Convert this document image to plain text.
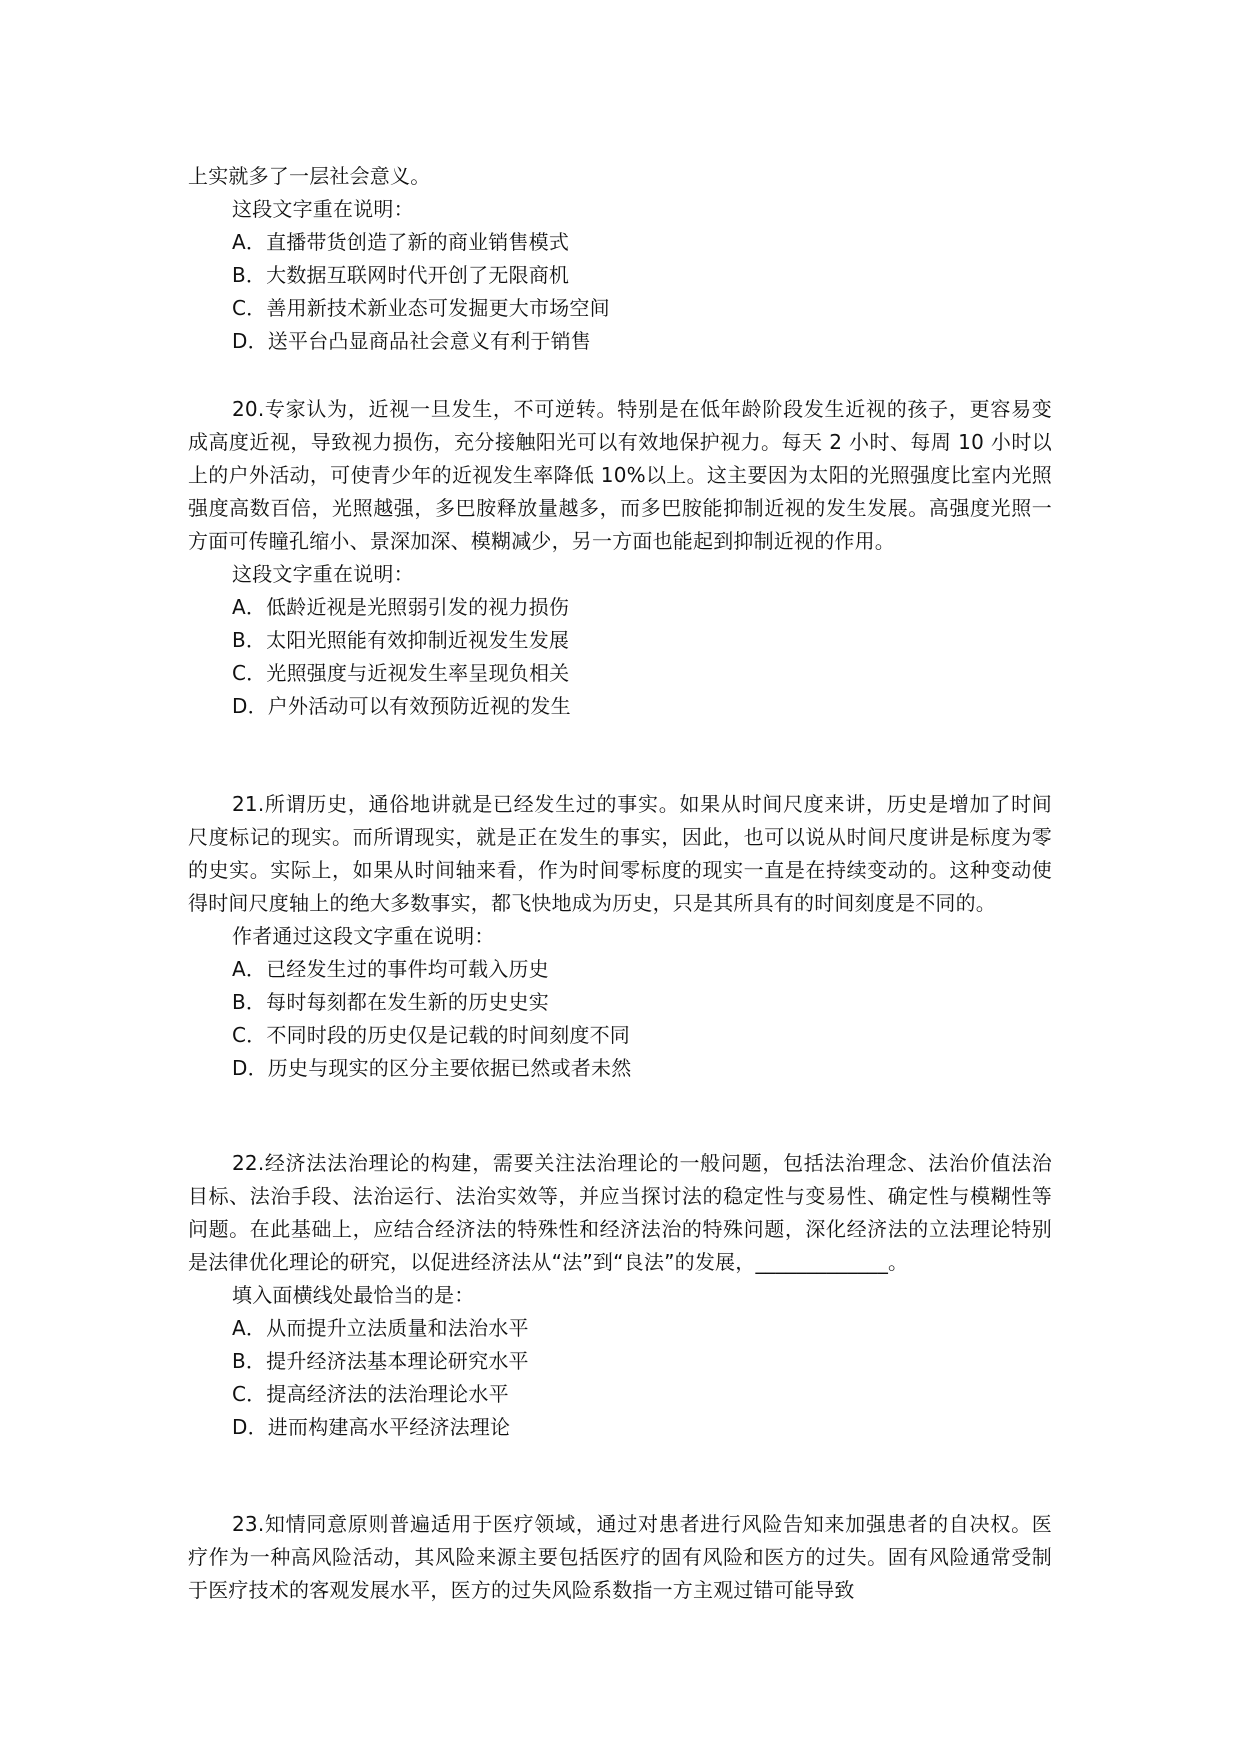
上实就多了一层社会意义。
这段文字重在说明：
A．直播带货创造了新的商业销售模式
B．大数据互联网时代开创了无限商机
C．善用新技术新业态可发掘更大市场空间
D．送平台凸显商品社会意义有利于销售
20.专家认为，近视一旦发生，不可逆转。特别是在低年龄阶段发生近视的孩子，更容易变成高度近视，导致视力损伤，充分接触阳光可以有效地保护视力。每天 2 小时、每周 10 小时以上的户外活动，可使青少年的近视发生率降低 10%以上。这主要因为太阳的光照强度比室内光照强度高数百倍，光照越强，多巴胺释放量越多，而多巴胺能抑制近视的发生发展。高强度光照一方面可传瞳孔缩小、景深加深、模糊减少，另一方面也能起到抑制近视的作用。
这段文字重在说明：
A．低龄近视是光照弱引发的视力损伤
B．太阳光照能有效抑制近视发生发展
C．光照强度与近视发生率呈现负相关
D．户外活动可以有效预防近视的发生
21.所谓历史，通俗地讲就是已经发生过的事实。如果从时间尺度来讲，历史是增加了时间尺度标记的现实。而所谓现实，就是正在发生的事实，因此，也可以说从时间尺度讲是标度为零的史实。实际上，如果从时间轴来看，作为时间零标度的现实一直是在持续变动的。这种变动使得时间尺度轴上的绝大多数事实，都飞快地成为历史，只是其所具有的时间刻度是不同的。
作者通过这段文字重在说明：
A．已经发生过的事件均可载入历史
B．每时每刻都在发生新的历史史实
C．不同时段的历史仅是记载的时间刻度不同
D．历史与现实的区分主要依据已然或者未然
22.经济法法治理论的构建，需要关注法治理论的一般问题，包括法治理念、法治价值法治目标、法治手段、法治运行、法治实效等，并应当探讨法的稳定性与变易性、确定性与模糊性等问题。在此基础上，应结合经济法的特殊性和经济法治的特殊问题，深化经济法的立法理论特别是法律优化理论的研究，以促进经济法从“法”到“良法”的发展，_____________。
填入面横线处最恰当的是：
A．从而提升立法质量和法治水平
B．提升经济法基本理论研究水平
C．提高经济法的法治理论水平
D．进而构建高水平经济法理论
23.知情同意原则普遍适用于医疗领域，通过对患者进行风险告知来加强患者的自决权。医疗作为一种高风险活动，其风险来源主要包括医疗的固有风险和医方的过失。固有风险通常受制于医疗技术的客观发展水平，医方的过失风险系数指一方主观过错可能导致
